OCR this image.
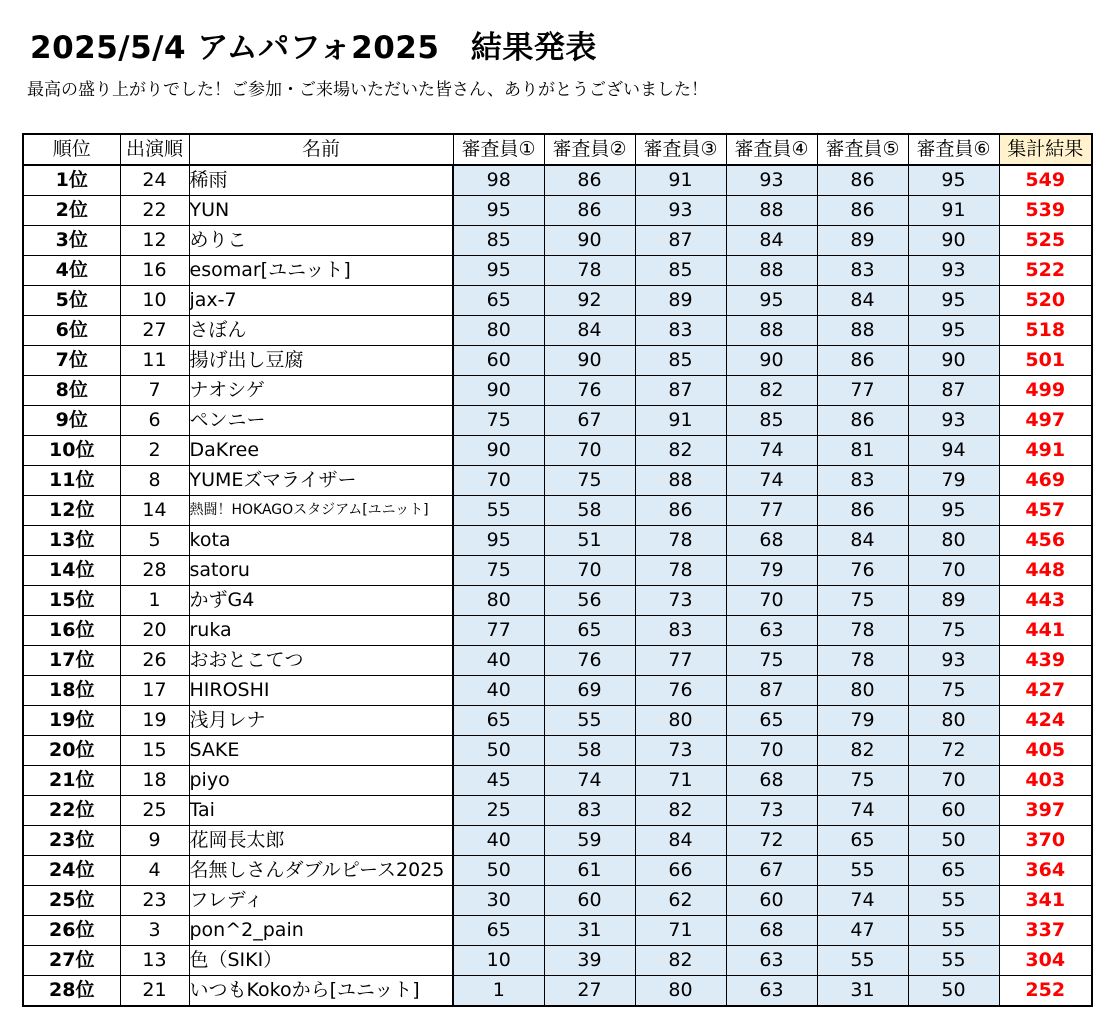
2025/5/4 アムパフォ2025　結果発表
最高の盛り上がりでした！ご参加・ご来場いただいた皆さん、ありがとうございました！
順位	出演順	名前	審査員①	審査員②	審査員③	審査員④	審査員⑤	審査員⑥	集計結果
1位	24	稀雨	98	86	91	93	86	95	549
2位	22	YUN	95	86	93	88	86	91	539
3位	12	めりこ	85	90	87	84	89	90	525
4位	16	esomar[ユニット]	95	78	85	88	83	93	522
5位	10	jax-7	65	92	89	95	84	95	520
6位	27	さぼん	80	84	83	88	88	95	518
7位	11	揚げ出し豆腐	60	90	85	90	86	90	501
8位	7	ナオシゲ	90	76	87	82	77	87	499
9位	6	ペンニー	75	67	91	85	86	93	497
10位	2	DaKree	90	70	82	74	81	94	491
11位	8	YUMEズマライザー	70	75	88	74	83	79	469
12位	14	熱闘！HOKAGOスタジアム[ユニット]	55	58	86	77	86	95	457
13位	5	kota	95	51	78	68	84	80	456
14位	28	satoru	75	70	78	79	76	70	448
15位	1	かずG4	80	56	73	70	75	89	443
16位	20	ruka	77	65	83	63	78	75	441
17位	26	おおとこてつ	40	76	77	75	78	93	439
18位	17	HIROSHI	40	69	76	87	80	75	427
19位	19	浅月レナ	65	55	80	65	79	80	424
20位	15	SAKE	50	58	73	70	82	72	405
21位	18	piyo	45	74	71	68	75	70	403
22位	25	Tai	25	83	82	73	74	60	397
23位	9	花岡長太郎	40	59	84	72	65	50	370
24位	4	名無しさんダブルピース2025	50	61	66	67	55	65	364
25位	23	フレディ	30	60	62	60	74	55	341
26位	3	pon^2_pain	65	31	71	68	47	55	337
27位	13	色（SIKI）	10	39	82	63	55	55	304
28位	21	いつもKokoから[ユニット]	1	27	80	63	31	50	252
